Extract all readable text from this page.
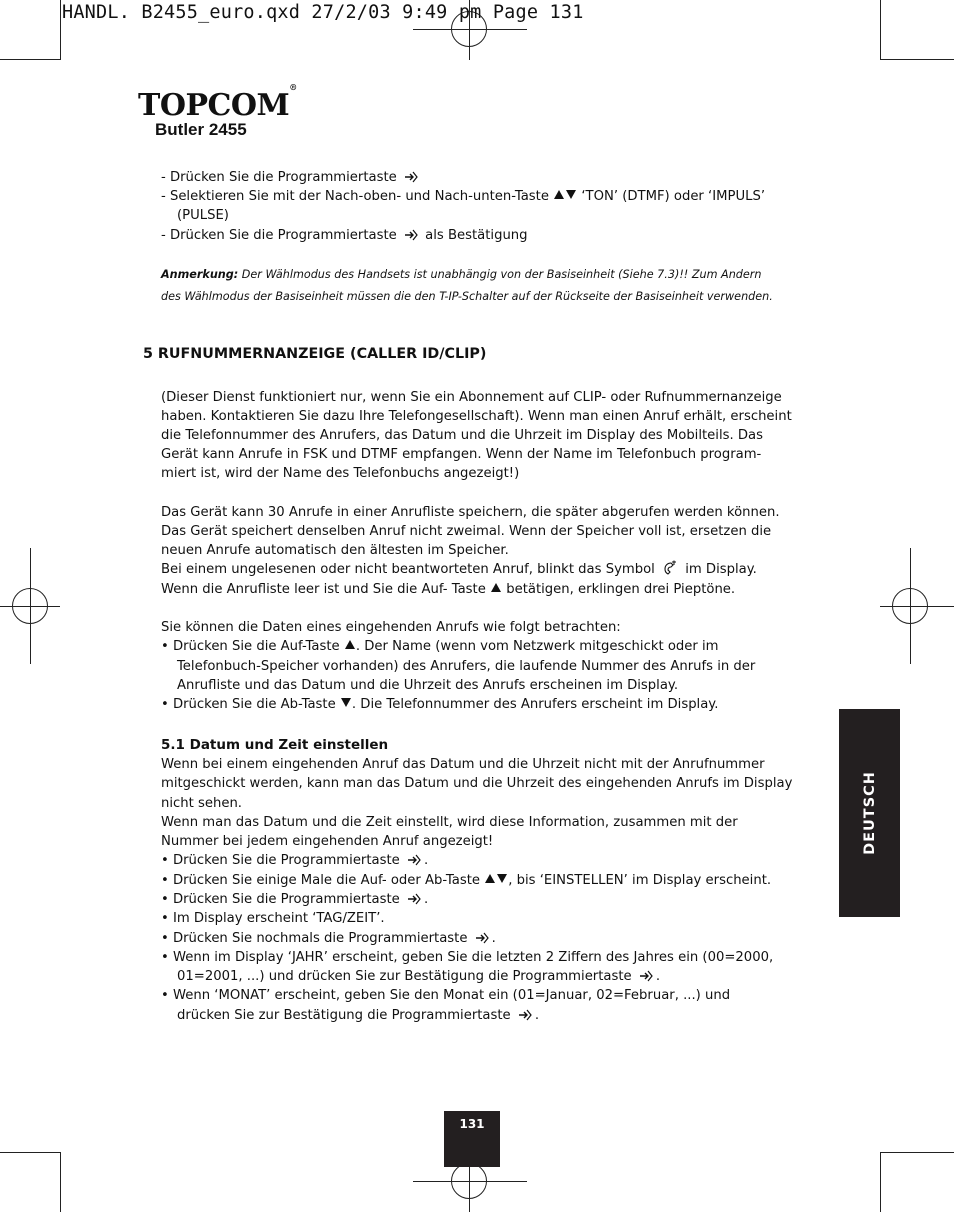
HANDL. B2455_euro.qxd 27/2/03 9:49 pm Page 131
TOPCOM®
Butler 2455
- Drücken Sie die Programmiertaste
- Selektieren Sie mit der Nach-oben- und Nach-unten-Taste ‘TON’ (DTMF) oder ‘IMPULS’
(PULSE)
- Drücken Sie die Programmiertaste als Bestätigung
Anmerkung: Der Wählmodus des Handsets ist unabhängig von der Basiseinheit (Siehe 7.3)!! Zum Andern
des Wählmodus der Basiseinheit müssen die den T-IP-Schalter auf der Rückseite der Basiseinheit verwenden.
5 RUFNUMMERNANZEIGE (CALLER ID/CLIP)
(Dieser Dienst funktioniert nur, wenn Sie ein Abonnement auf CLIP- oder Rufnummernanzeige
haben. Kontaktieren Sie dazu Ihre Telefongesellschaft). Wenn man einen Anruf erhält, erscheint
die Telefonnummer des Anrufers, das Datum und die Uhrzeit im Display des Mobilteils. Das
Gerät kann Anrufe in FSK und DTMF empfangen. Wenn der Name im Telefonbuch program-
miert ist, wird der Name des Telefonbuchs angezeigt!)
Das Gerät kann 30 Anrufe in einer Anrufliste speichern, die später abgerufen werden können.
Das Gerät speichert denselben Anruf nicht zweimal. Wenn der Speicher voll ist, ersetzen die
neuen Anrufe automatisch den ältesten im Speicher.
Bei einem ungelesenen oder nicht beantworteten Anruf, blinkt das Symbol im Display.
Wenn die Anrufliste leer ist und Sie die Auf- Taste betätigen, erklingen drei Pieptöne.
Sie können die Daten eines eingehenden Anrufs wie folgt betrachten:
• Drücken Sie die Auf-Taste . Der Name (wenn vom Netzwerk mitgeschickt oder im
Telefonbuch-Speicher vorhanden) des Anrufers, die laufende Nummer des Anrufs in der
Anrufliste und das Datum und die Uhrzeit des Anrufs erscheinen im Display.
• Drücken Sie die Ab-Taste . Die Telefonnummer des Anrufers erscheint im Display.
5.1 Datum und Zeit einstellen
Wenn bei einem eingehenden Anruf das Datum und die Uhrzeit nicht mit der Anrufnummer
mitgeschickt werden, kann man das Datum und die Uhrzeit des eingehenden Anrufs im Display
nicht sehen.
Wenn man das Datum und die Zeit einstellt, wird diese Information, zusammen mit der
Nummer bei jedem eingehenden Anruf angezeigt!
• Drücken Sie die Programmiertaste .
• Drücken Sie einige Male die Auf- oder Ab-Taste , bis ‘EINSTELLEN’ im Display erscheint.
• Drücken Sie die Programmiertaste .
• Im Display erscheint ‘TAG/ZEIT’.
• Drücken Sie nochmals die Programmiertaste .
• Wenn im Display ‘JAHR’ erscheint, geben Sie die letzten 2 Ziffern des Jahres ein (00=2000,
01=2001, ...) und drücken Sie zur Bestätigung die Programmiertaste .
• Wenn ‘MONAT’ erscheint, geben Sie den Monat ein (01=Januar, 02=Februar, ...) und
drücken Sie zur Bestätigung die Programmiertaste .
DEUTSCH
131
